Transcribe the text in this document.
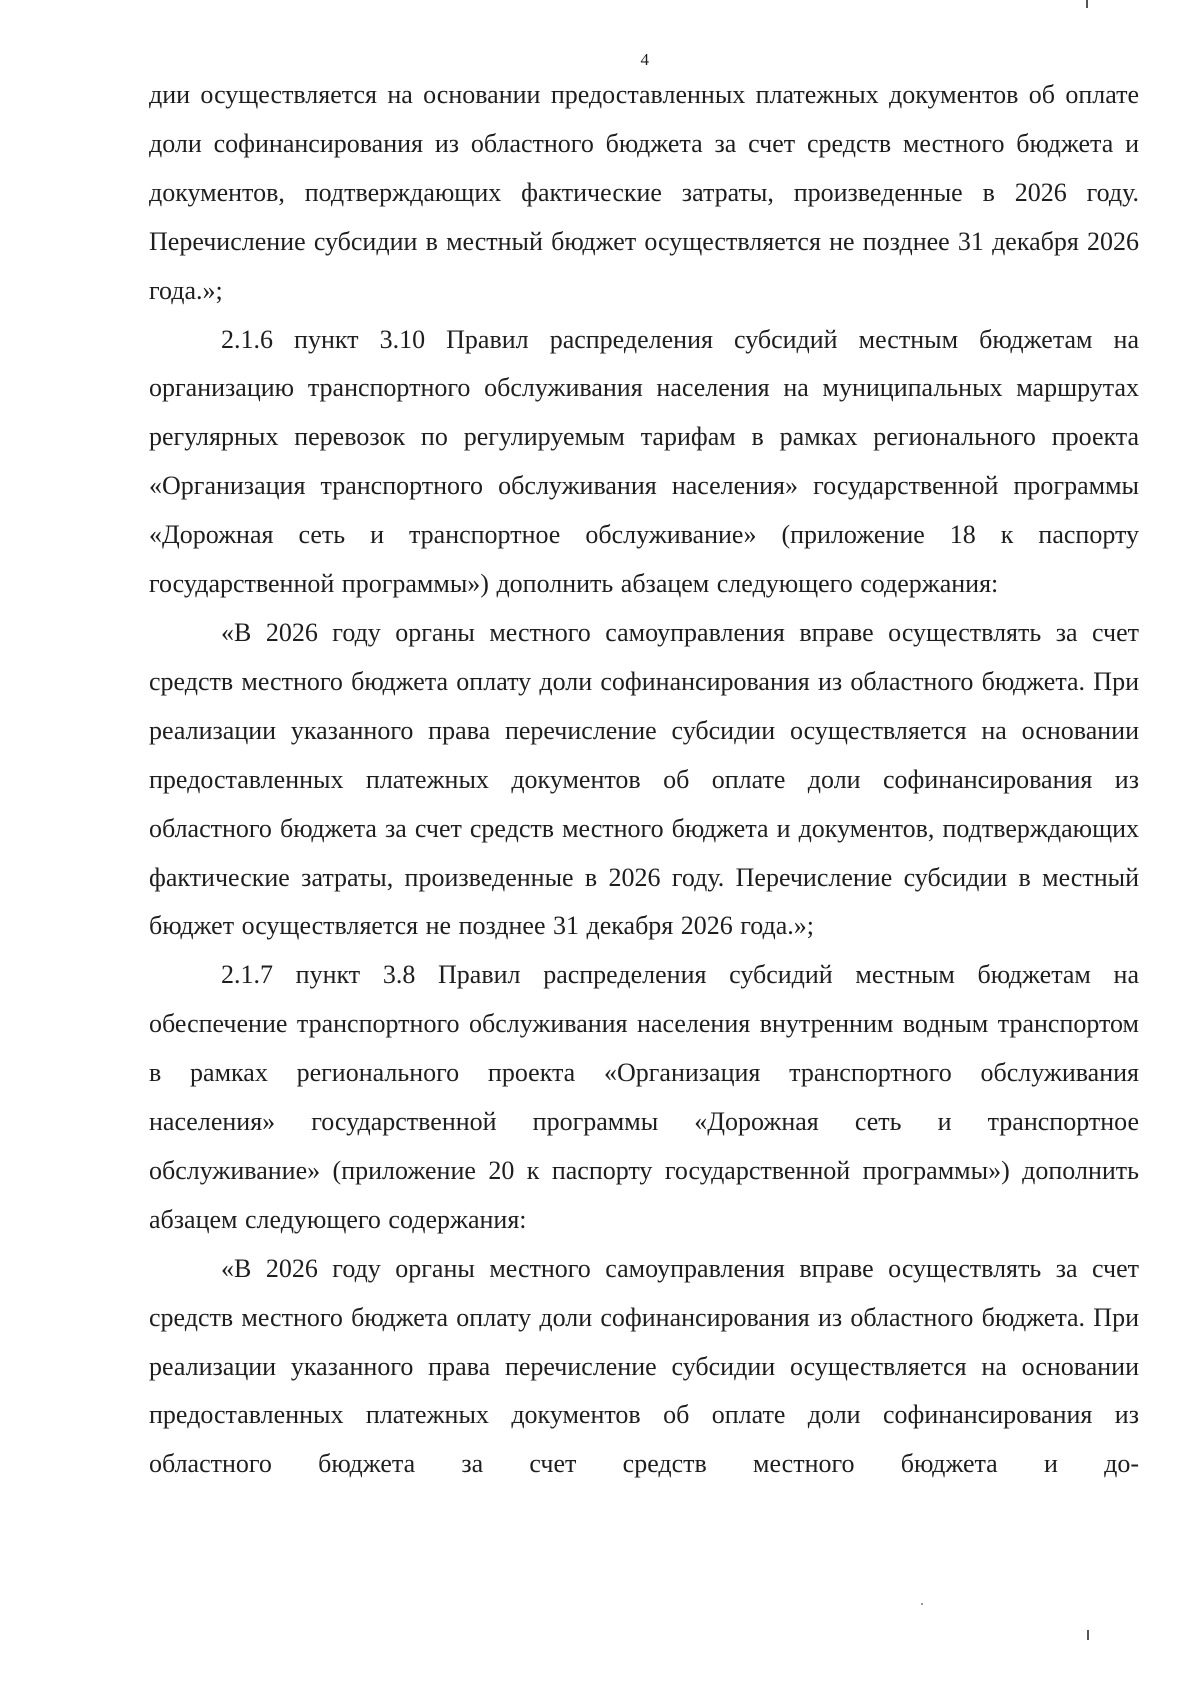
4

дии осуществляется на основании предоставленных платежных документов об оплате доли софинансирования из областного бюджета за счет средств местного бюджета и документов, подтверждающих фактические затраты, произведенные в 2026 году. Перечисление субсидии в местный бюджет осуществляется не позднее 31 декабря 2026 года.»;

2.1.6 пункт 3.10 Правил распределения субсидий местным бюджетам на организацию транспортного обслуживания населения на муниципальных маршрутах регулярных перевозок по регулируемым тарифам в рамках регионального проекта «Организация транспортного обслуживания населения» государственной программы «Дорожная сеть и транспортное обслуживание» (приложение 18 к паспорту государственной программы») дополнить абзацем следующего содержания:

«В 2026 году органы местного самоуправления вправе осуществлять за счет средств местного бюджета оплату доли софинансирования из областного бюджета. При реализации указанного права перечисление субсидии осуществляется на основании предоставленных платежных документов об оплате доли софинансирования из областного бюджета за счет средств местного бюджета и документов, подтверждающих фактические затраты, произведенные в 2026 году. Перечисление субсидии в местный бюджет осуществляется не позднее 31 декабря 2026 года.»;

2.1.7 пункт 3.8 Правил распределения субсидий местным бюджетам на обеспечение транспортного обслуживания населения внутренним водным транспортом в рамках регионального проекта «Организация транспортного обслуживания населения» государственной программы «Дорожная сеть и транспортное обслуживание» (приложение 20 к паспорту государственной программы») дополнить абзацем следующего содержания:

«В 2026 году органы местного самоуправления вправе осуществлять за счет средств местного бюджета оплату доли софинансирования из областного бюджета. При реализации указанного права перечисление субсидии осуществляется на основании предоставленных платежных документов об оплате доли софинансирования из областного бюджета за счет средств местного бюджета и до-
